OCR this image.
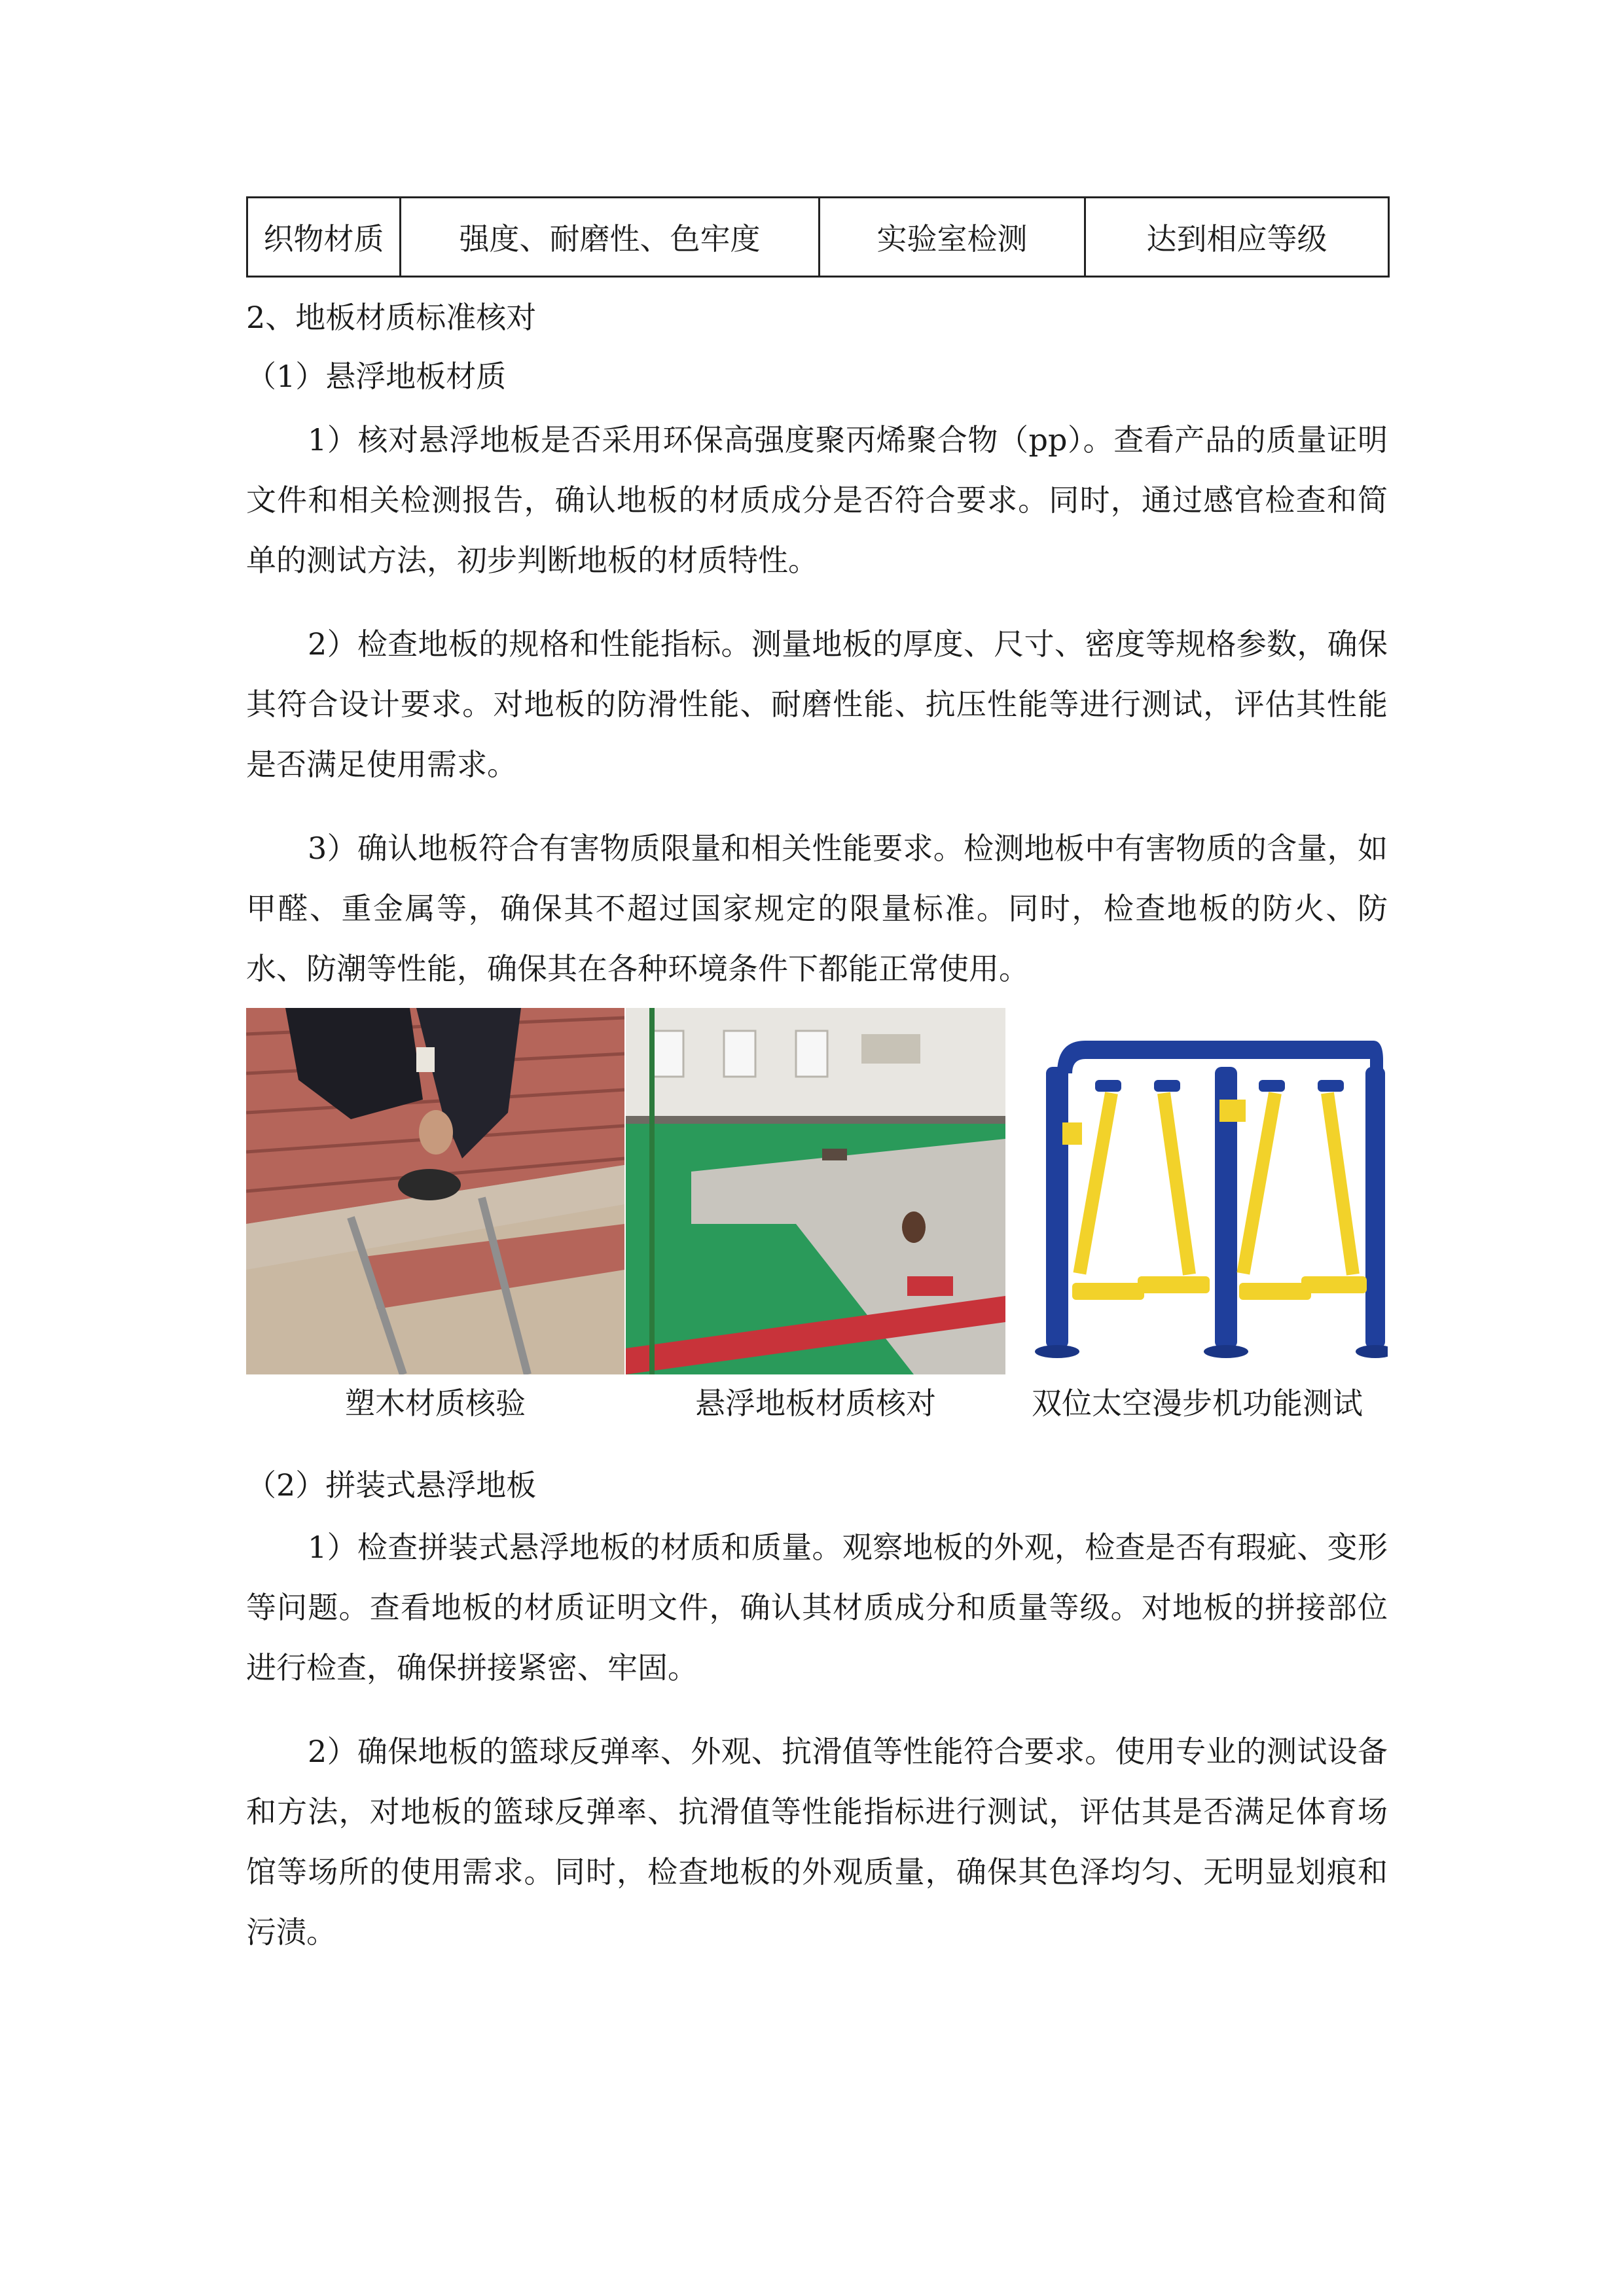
织物材质	强度、耐磨性、色牢度	实验室检测	达到相应等级

2、地板材质标准核对

（1）悬浮地板材质

1）核对悬浮地板是否采用环保高强度聚丙烯聚合物（pp）。查看产品的质量证明文件和相关检测报告，确认地板的材质成分是否符合要求。同时，通过感官检查和简单的测试方法，初步判断地板的材质特性。

2）检查地板的规格和性能指标。测量地板的厚度、尺寸、密度等规格参数，确保其符合设计要求。对地板的防滑性能、耐磨性能、抗压性能等进行测试，评估其性能是否满足使用需求。

3）确认地板符合有害物质限量和相关性能要求。检测地板中有害物质的含量，如甲醛、重金属等，确保其不超过国家规定的限量标准。同时，检查地板的防火、防水、防潮等性能，确保其在各种环境条件下都能正常使用。

塑木材质核验	悬浮地板材质核对	双位太空漫步机功能测试

（2）拼装式悬浮地板

1）检查拼装式悬浮地板的材质和质量。观察地板的外观，检查是否有瑕疵、变形等问题。查看地板的材质证明文件，确认其材质成分和质量等级。对地板的拼接部位进行检查，确保拼接紧密、牢固。

2）确保地板的篮球反弹率、外观、抗滑值等性能符合要求。使用专业的测试设备和方法，对地板的篮球反弹率、抗滑值等性能指标进行测试，评估其是否满足体育场馆等场所的使用需求。同时，检查地板的外观质量，确保其色泽均匀、无明显划痕和污渍。
